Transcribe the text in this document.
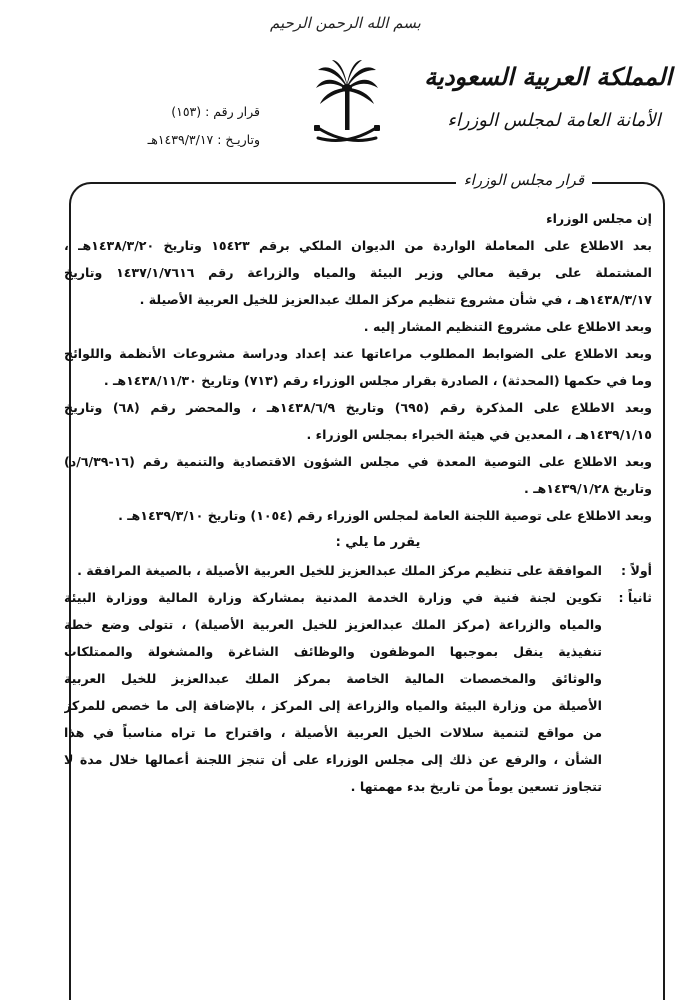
بسم الله الرحمن الرحيم
المملكة العربية السعودية
الأمانة العامة لمجلس الوزراء
قرار رقم : (١٥٣)
وتاريـخ : ١٤٣٩/٣/١٧هـ
قرار مجلس الوزراء
إن مجلس الوزراء
بعد الاطلاع على المعاملة الواردة من الديوان الملكي برقم ١٥٤٢٣ وتاريخ ١٤٣٨/٣/٢٠هـ ،
المشتملة على برقية معالي وزير البيئة والمياه والزراعة رقم ١٤٣٧/١/٧٦١٦ وتاريخ
١٤٣٨/٣/١٧هـ ، في شأن مشروع تنظيم مركز الملك عبدالعزيز للخيل العربية الأصيلة .
وبعد الاطلاع على مشروع التنظيم المشار إليه .
وبعد الاطلاع على الضوابط المطلوب مراعاتها عند إعداد ودراسة مشروعات الأنظمة واللوائح
وما في حكمها (المحدثة) ، الصادرة بقرار مجلس الوزراء رقم (٧١٣) وتاريخ ١٤٣٨/١١/٣٠هـ .
وبعد الاطلاع على المذكرة رقم (٦٩٥) وتاريخ ١٤٣٨/٦/٩هـ ، والمحضر رقم (٦٨) وتاريخ
١٤٣٩/١/١٥هـ ، المعدين في هيئة الخبراء بمجلس الوزراء .
وبعد الاطلاع على التوصية المعدة في مجلس الشؤون الاقتصادية والتنمية رقم (١٦-٦/٣٩/د)
وتاريخ ١٤٣٩/١/٢٨هـ .
وبعد الاطلاع على توصية اللجنة العامة لمجلس الوزراء رقم (١٠٥٤) وتاريخ ١٤٣٩/٣/١٠هـ .
يقرر ما يلي :
أولاً :
الموافقة على تنظيم مركز الملك عبدالعزيز للخيل العربية الأصيلة ، بالصيغة المرافقة .
ثانياً :
تكوين لجنة فنية في وزارة الخدمة المدنية بمشاركة وزارة المالية ووزارة البيئة
والمياه والزراعة (مركز الملك عبدالعزيز للخيل العربية الأصيلة) ، تتولى وضع خطة
تنفيذية ينقل بموجبها الموظفون والوظائف الشاغرة والمشغولة والممتلكات
والوثائق والمخصصات المالية الخاصة بمركز الملك عبدالعزيز للخيل العربية
الأصيلة من وزارة البيئة والمياه والزراعة إلى المركز ، بالإضافة إلى ما خصص للمركز
من مواقع لتنمية سلالات الخيل العربية الأصيلة ، واقتراح ما تراه مناسباً في هذا
الشأن ، والرفع عن ذلك إلى مجلس الوزراء على أن تنجز اللجنة أعمالها خلال مدة لا
تتجاوز تسعين يوماً من تاريخ بدء مهمتها .
